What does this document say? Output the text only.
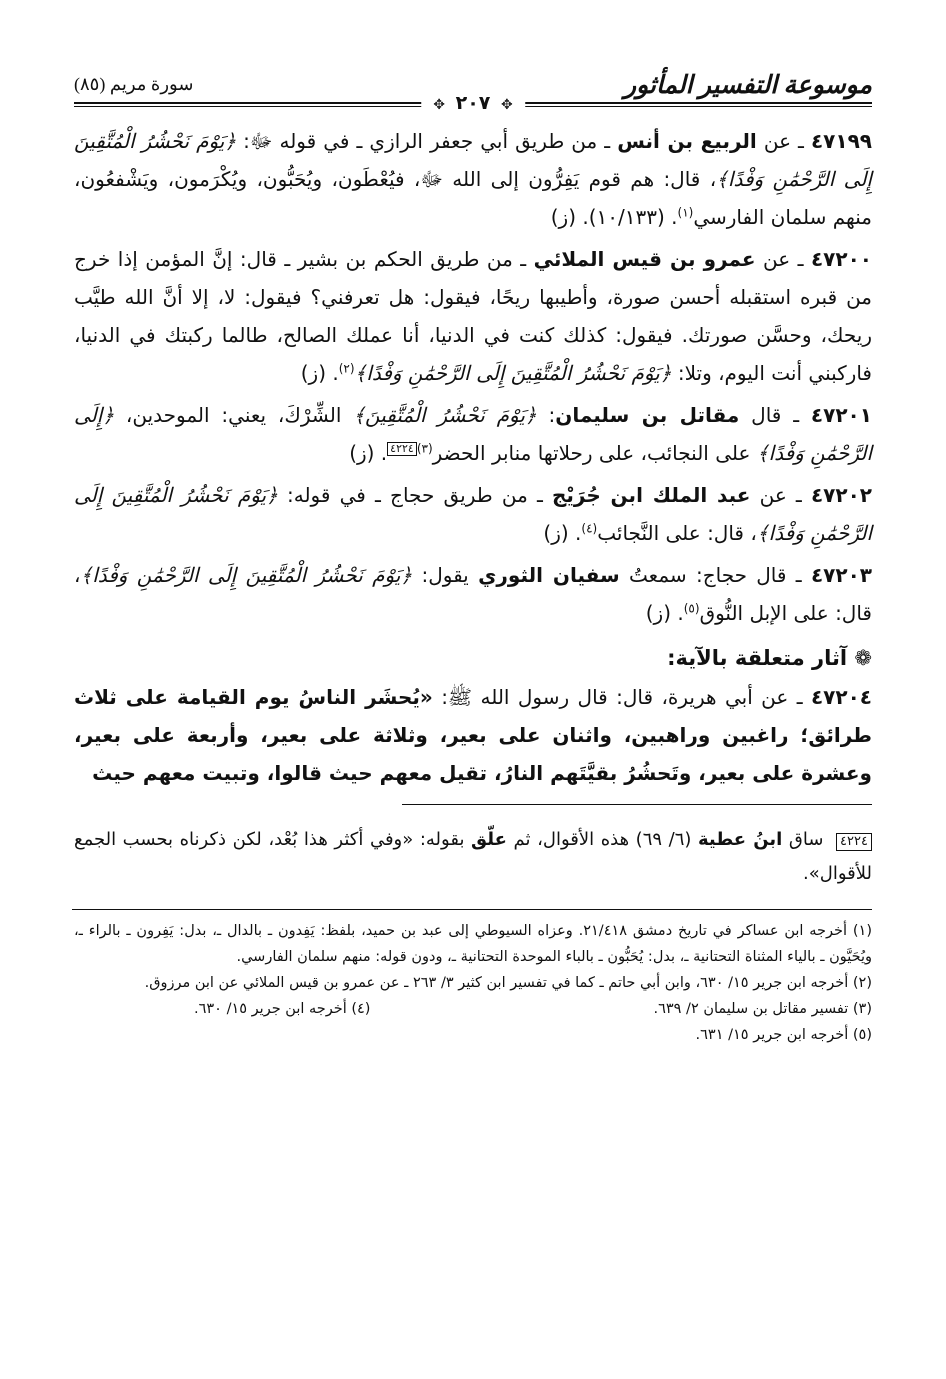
موسوعة التفسير المأثور
سورة مريم (٨٥)
✥ ٢٠٧ ✥

٤٧١٩٩ ـ عن الربيع بن أنس ـ من طريق أبي جعفر الرازي ـ في قوله ﷻ: ﴿يَوْمَ نَحْشُرُ الْمُتَّقِينَ إِلَى الرَّحْمَٰنِ وَفْدًا﴾، قال: هم قوم يَفِرُّون إلى الله ﷻ، فيُعْطَون، ويُحَبُّون، ويُكْرَمون، ويَشْفعُون، منهم سلمان الفارسي$^{(١)}$. (١٠/١٣٣). (ز)

٤٧٢٠٠ ـ عن عمرو بن قيس الملائي ـ من طريق الحكم بن بشير ـ قال: إنَّ المؤمن إذا خرج من قبره استقبله أحسن صورة، وأطيبها ريحًا، فيقول: هل تعرفني؟ فيقول: لا، إلا أنَّ الله طيَّب ريحك، وحسَّن صورتك. فيقول: كذلك كنت في الدنيا، أنا عملك الصالح، طالما ركبتك في الدنيا، فاركبني أنت اليوم، وتلا: ﴿يَوْمَ نَحْشُرُ الْمُتَّقِينَ إِلَى الرَّحْمَٰنِ وَفْدًا﴾$^{(٢)}$. (ز)

٤٧٢٠١ ـ قال مقاتل بن سليمان: ﴿يَوْمَ نَحْشُرُ الْمُتَّقِينَ﴾ الشِّرْكَ، يعني: الموحدين، ﴿إِلَى الرَّحْمَٰنِ وَفْدًا﴾ على النجائب، على رحلاتها منابر الحضر$^{(٣)}$٤٢٢٤. (ز)

٤٧٢٠٢ ـ عن عبد الملك ابن جُرَيْج ـ من طريق حجاج ـ في قوله: ﴿يَوْمَ نَحْشُرُ الْمُتَّقِينَ إِلَى الرَّحْمَٰنِ وَفْدًا﴾، قال: على النَّجائب$^{(٤)}$. (ز)

٤٧٢٠٣ ـ قال حجاج: سمعتُ سفيان الثوري يقول: ﴿يَوْمَ نَحْشُرُ الْمُتَّقِينَ إِلَى الرَّحْمَٰنِ وَفْدًا﴾، قال: على الإبل النُّوق$^{(٥)}$. (ز)

❁ آثار متعلقة بالآية:

٤٧٢٠٤ ـ عن أبي هريرة، قال: قال رسول الله ﷺ: «يُحشَر الناسُ يوم القيامة على ثلاث طرائق؛ راغبين وراهبين، واثنان على بعير، وثلاثة على بعير، وأربعة على بعير، وعشرة على بعير، وتَحشُرُ بقيَّتَهم النارُ، تقيل معهم حيث قالوا، وتبيت معهم حيث

٤٢٢٤ ساق ابنُ عطية (٦/ ٦٩) هذه الأقوال، ثم علّق بقوله: «وفي أكثر هذا بُعْد، لكن ذكرناه بحسب الجمع للأقوال».

(١) أخرجه ابن عساكر في تاريخ دمشق ٢١/٤١٨. وعزاه السيوطي إلى عبد بن حميد، بلفظ: يَفِدون ـ بالدال ـ، بدل: يَفِرون ـ بالراء ـ، ويُحَيَّون ـ بالياء المثناة التحتانية ـ، بدل: يُحَبُّون ـ بالباء الموحدة التحتانية ـ، ودون قوله: منهم سلمان الفارسي.

(٢) أخرجه ابن جرير ١٥/ ٦٣٠، وابن أبي حاتم ـ كما في تفسير ابن كثير ٣/ ٢٦٣ ـ عن عمرو بن قيس الملائي عن ابن مرزوق.

(٣) تفسير مقاتل بن سليمان ٢/ ٦٣٩.
(٤) أخرجه ابن جرير ١٥/ ٦٣٠.

(٥) أخرجه ابن جرير ١٥/ ٦٣١.
